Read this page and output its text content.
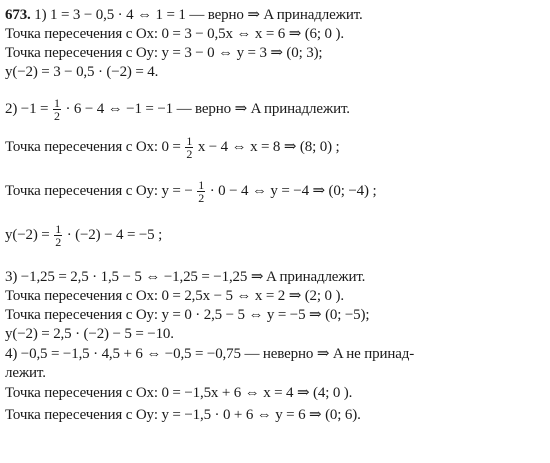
673. 1) 1 = 3 − 0,5 · 4 ⇔ 1 = 1 — верно ⇒ A принадлежит.
Точка пересечения с Ox: 0 = 3 − 0,5x ⇔ x = 6 ⇒ (6; 0 ).
Точка пересечения с Oy: y = 3 − 0 ⇔ y = 3 ⇒ (0; 3);
y(−2) = 3 − 0,5 · (−2) = 4.
$2) -1 = \frac{1}{2} \cdot 6 - 4$ ⇔ −1 = −1 — верно ⇒ A принадлежит.
Точка пересечения с Ox: $0 = \frac{1}{2}$ x − 4 ⇔ x = 8 ⇒ (8; 0) ;
Точка пересечения с Oy: y = − $\frac{1}{2} \cdot 0 - 4$ ⇔ y = −4 ⇒ (0; −4) ;
$y(-2) = \frac{1}{2} \cdot (-2) - 4 = -5$ ;
3) −1,25 = 2,5 · 1,5 − 5 ⇔ −1,25 = −1,25 ⇒ A принадлежит.
Точка пересечения с Ox: 0 = 2,5x − 5 ⇔ x = 2 ⇒ (2; 0 ).
Точка пересечения с Oy: y = 0 · 2,5 − 5 ⇔ y = −5 ⇒ (0; −5);
y(−2) = 2,5 · (−2) − 5 = −10.
4) −0,5 = −1,5 · 4,5 + 6 ⇔ −0,5 = −0,75 — неверно ⇒ A не принад-
лежит.
Точка пересечения с Ox: 0 = −1,5x + 6 ⇔ x = 4 ⇒ (4; 0 ).
Точка пересечения с Oy: y = −1,5 · 0 + 6 ⇔ y = 6 ⇒ (0; 6).
